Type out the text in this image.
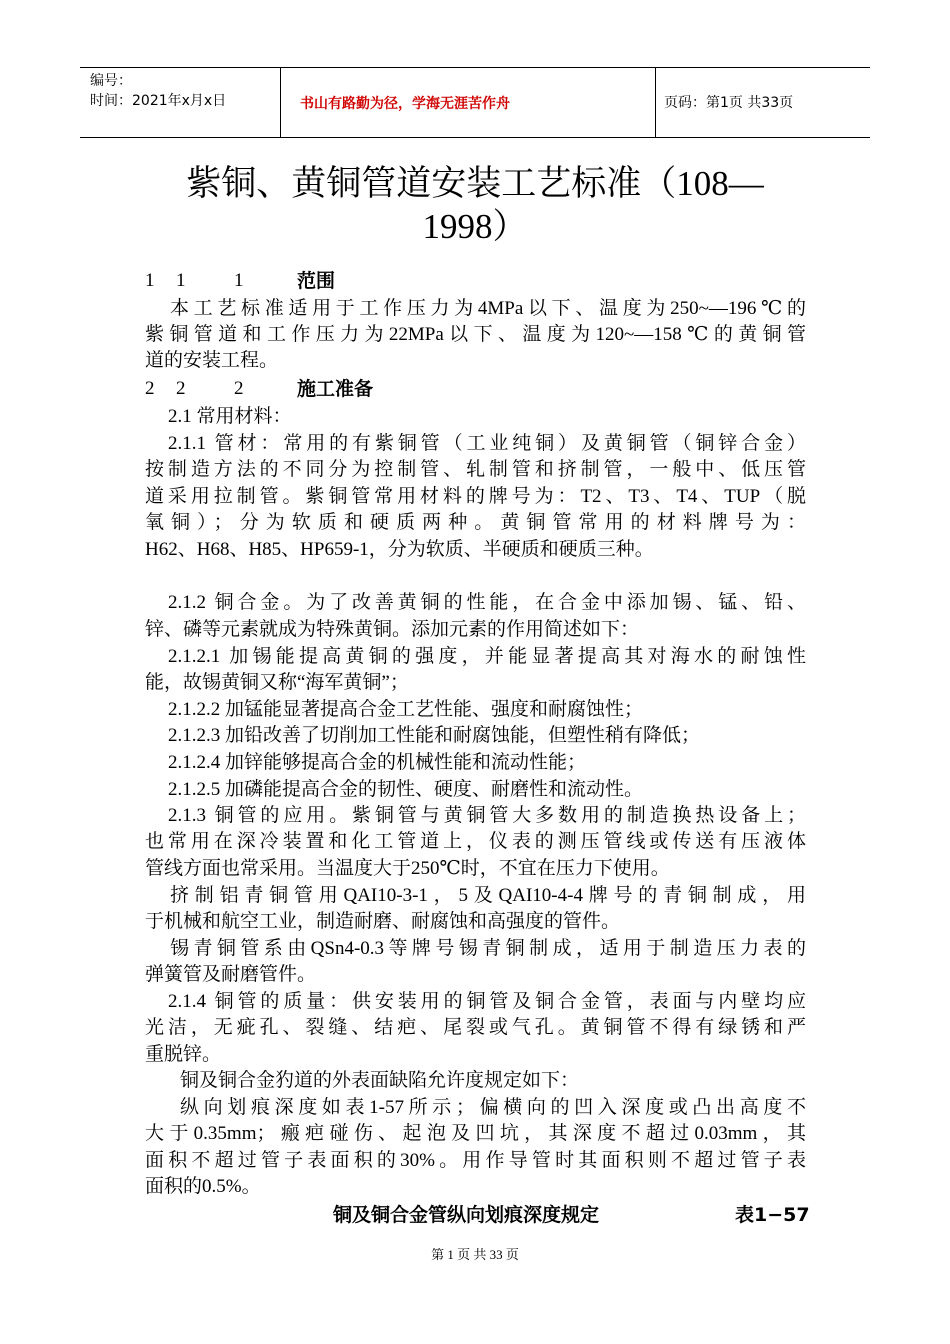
编号：
时间：2021年x月x日	书山有路勤为径，学海无涯苦作舟	页码：第1页 共33页
紫铜、黄铜管道安装工艺标准（108—
1998）
1 1	1	范围
本工艺标准适用于工作压力为4MPa以下、温度为250~—196℃的
紫铜管道和工作压力为22MPa以下、温度为120~—158℃的黄铜管
道的安装工程。
2 2	2	施工准备
2.1 常用材料：
2.1.1 管材：常用的有紫铜管（工业纯铜）及黄铜管（铜锌合金）
按制造方法的不同分为控制管、轧制管和挤制管，一般中、低压管
道采用拉制管。紫铜管常用材料的牌号为：T2、T3、T4、TUP（脱
氧铜）；分为软质和硬质两种。黄铜管常用的材料牌号为：
H62、H68、H85、HP659-1，分为软质、半硬质和硬质三种。
2.1.2 铜合金。为了改善黄铜的性能，在合金中添加锡、锰、铅、
锌、磷等元素就成为特殊黄铜。添加元素的作用简述如下：
2.1.2.1 加锡能提高黄铜的强度，并能显著提高其对海水的耐蚀性
能，故锡黄铜又称“海军黄铜”；
2.1.2.2 加锰能显著提高合金工艺性能、强度和耐腐蚀性；
2.1.2.3 加铅改善了切削加工性能和耐腐蚀能，但塑性稍有降低；
2.1.2.4 加锌能够提高合金的机械性能和流动性能；
2.1.2.5 加磷能提高合金的韧性、硬度、耐磨性和流动性。
2.1.3 铜管的应用。紫铜管与黄铜管大多数用的制造换热设备上；
也常用在深冷装置和化工管道上，仪表的测压管线或传送有压液体
管线方面也常采用。当温度大于250℃时，不宜在压力下使用。
挤制铝青铜管用QAI10-3-1，5及QAI10-4-4牌号的青铜制成，用
于机械和航空工业，制造耐磨、耐腐蚀和高强度的管件。
锡青铜管系由QSn4-0.3等牌号锡青铜制成，适用于制造压力表的
弹簧管及耐磨管件。
2.1.4 铜管的质量：供安装用的铜管及铜合金管，表面与内壁均应
光洁，无疵孔、裂缝、结疤、尾裂或气孔。黄铜管不得有绿锈和严
重脱锌。
铜及铜合金犳道的外表面缺陷允许度规定如下：
纵向划痕深度如表1-57所示；偏横向的凹入深度或凸出高度不
大于0.35mm；瘢疤碰伤、起泡及凹坑，其深度不超过0.03mm，其
面积不超过管子表面积的30%。用作导管时其面积则不超过管子表
面积的0.5%。
铜及铜合金管纵向划痕深度规定	表1−57
第 1 页 共 33 页
